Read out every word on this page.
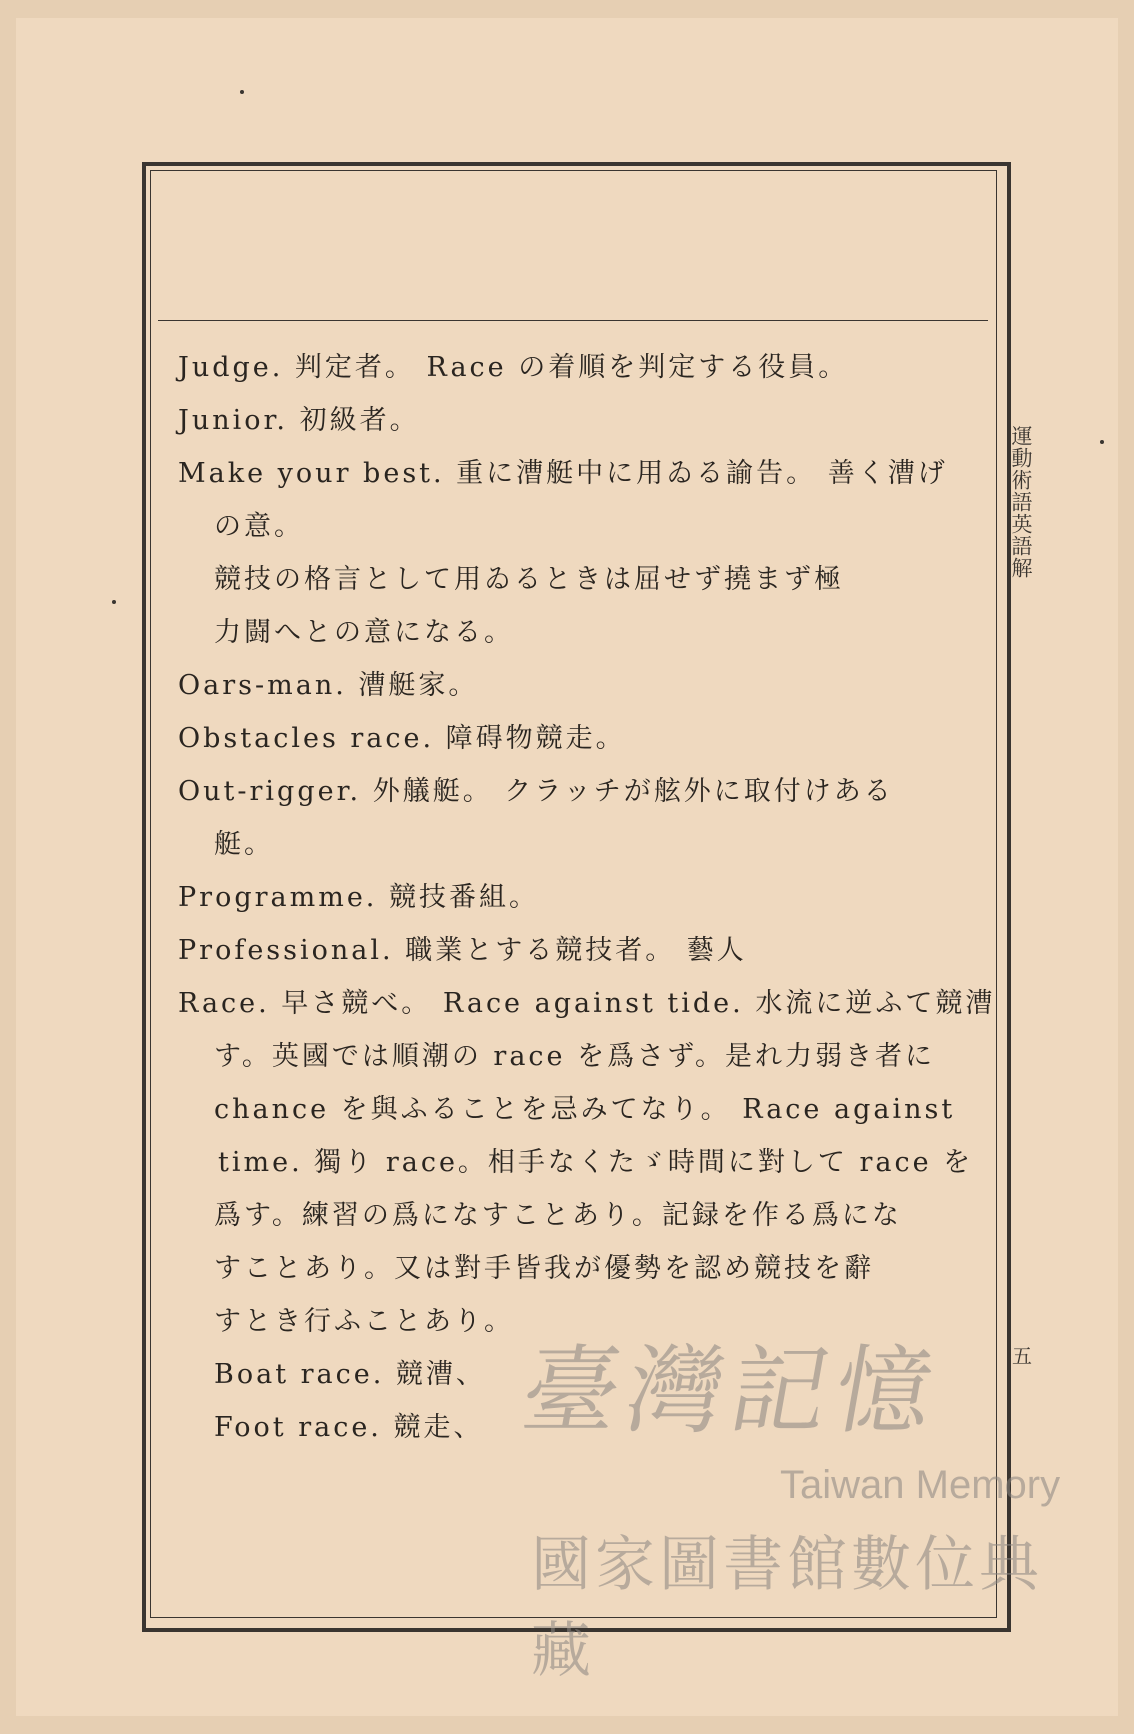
Judge. 判定者。 Race の着順を判定する役員。
Junior. 初級者。
Make your best. 重に漕艇中に用ゐる諭告。 善く漕げ
の意。
競技の格言として用ゐるときは屈せず撓まず極
力闘へとの意になる。
Oars-man. 漕艇家。
Obstacles race. 障碍物競走。
Out-rigger. 外艤艇。 クラッチが舷外に取付けある
艇。
Programme. 競技番組。
Professional. 職業とする競技者。 藝人
Race. 早さ競べ。 Race against tide. 水流に逆ふて競漕
す。英國では順潮の race を爲さず。是れ力弱き者に
chance を與ふることを忌みてなり。 Race against
time. 獨り race。相手なくたゞ時間に對して race を
爲す。練習の爲になすことあり。記録を作る爲にな
すことあり。又は對手皆我が優勢を認め競技を辭
すとき行ふことあり。
Boat race. 競漕、
Foot race. 競走、
運動術語英語解
五
臺灣記憶
Taiwan Memory
國家圖書館數位典藏
